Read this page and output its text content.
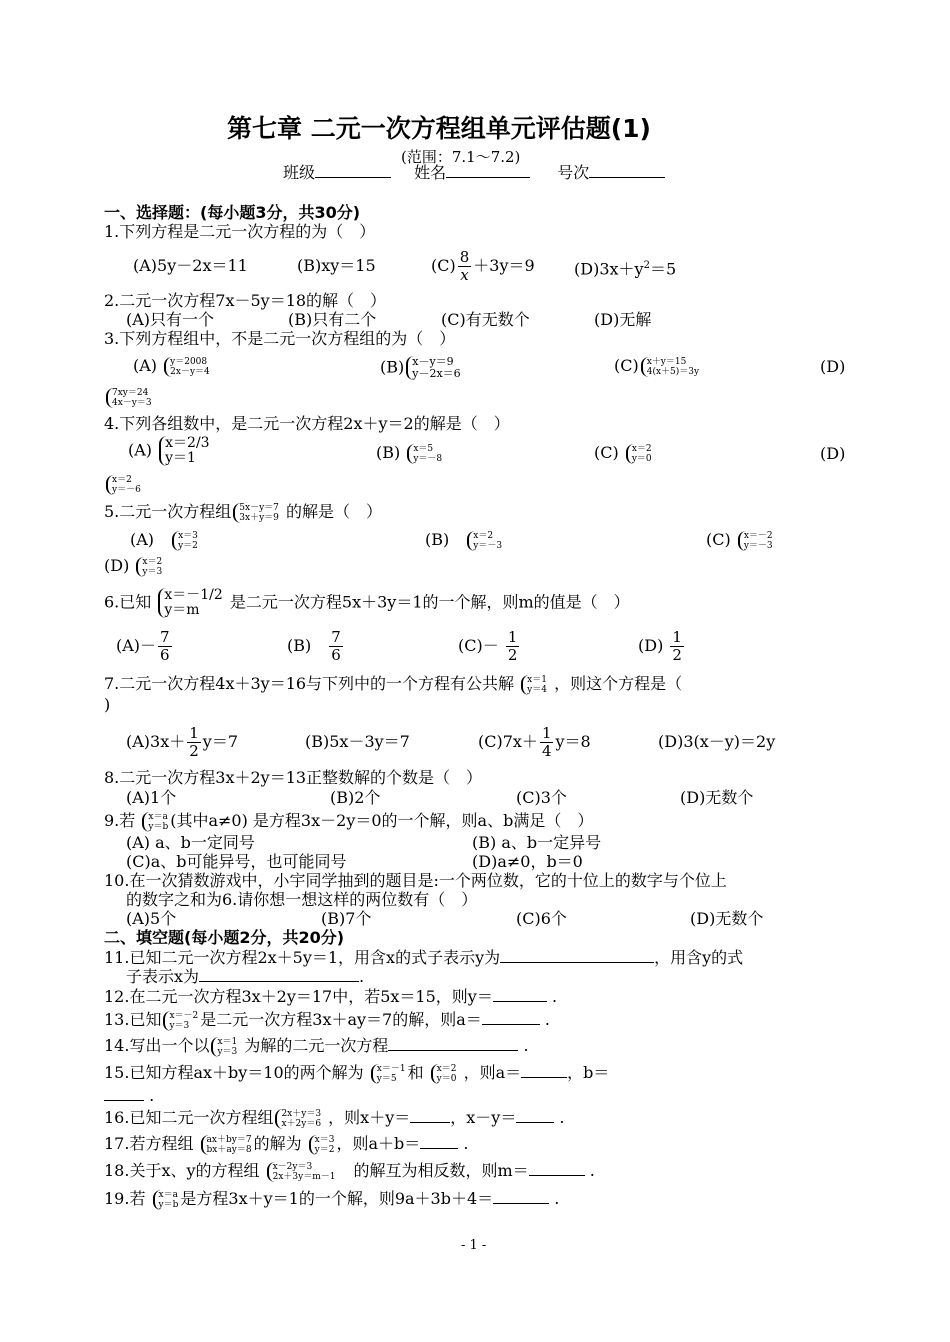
第七章 二元一次方程组单元评估题(1)
(范围：7.1～7.2)
班级	姓名	号次
一、选择题：(每小题3分，共30分)
1.下列方程是二元一次方程的为（　）
(A)5y－2x＝11	(B)xy＝15	$(C) \frac{8}{x} +3y=9$ $(D)3x+y^2=5$
2.二元一次方程7x－5y＝18的解（　）
(A)只有一个	(B)只有二个	(C)有无数个	(D)无解
3.下列方程组中，不是二元一次方程组的为（　）
(A) y＝2008
2x－y＝4	(B) x－y＝9
y－2x＝6	(C) x＋y＝15
4(x＋5)＝3y	(D)
7xy＝24
4x－y＝3
4.下列各组数中，是二元一次方程2x＋y＝2的解是（　）
(A) x＝2/3
y＝1	(B) x＝5
y＝－8	(C) x＝2
y＝0	(D)
x＝2
y＝－6
5.二元一次方程组 5x－y＝7
3x＋y＝9 的解是（　）
(A)　	x＝3
y＝2	(B)　	x＝2
y＝－3	(C) x＝－2
y＝－3
(D) x＝2
y＝3
6.已知 x＝－1/2
y＝m	是二元一次方程5x＋3y＝1的一个解，则m的值是（　）
$(A)- \frac{7}{6}$	(B)　 $\frac{7}{6}$	$(C)- \frac{1}{2}$	$(D) \frac{1}{2}$
7.二元一次方程4x＋3y＝16与下列中的一个方程有公共解 x＝1
y＝4 ，则这个方程是（
)
$(A)3x+ \frac{1}{2} y=7$	(B)5x－3y＝7	$(C)7x+ \frac{1}{4} y=8$	(D)3(x－y)＝2y
8.二元一次方程3x＋2y＝13正整数解的个数是（　）
(A)1个	(B)2个	(C)3个	(D)无数个
9.若 x＝a
y＝b (其中a≠0) 是方程3x－2y＝0的一个解，则a、b满足（　）
(A) a、b一定同号	(B) a、b一定异号
(C)a、b可能异号，也可能同号	(D)a≠0，b＝0
10.在一次猜数游戏中，小宇同学抽到的题目是:一个两位数，它的十位上的数字与个位上
的数字之和为6.请你想一想这样的两位数有（　）
(A)5个	(B)7个	(C)6个	(D)无数个
二、填空题(每小题2分，共20分)
11.已知二元一次方程2x＋5y＝1，用含x的式子表示y为	，用含y的式
子表示x为	.
12.在二元一次方程3x＋2y＝17中，若5x＝15，则y＝	.
13.已知 x＝－2
y＝3 是二元一次方程3x＋ay＝7的解，则a＝	.
14.写出一个以 x＝1
y＝3 为解的二元一次方程	.
15.已知方程ax＋by＝10的两个解为 x＝－1
y＝5 和 x＝2
y＝0 ，则a＝	，b＝
.
16.已知二元一次方程组 2x＋y＝3
x＋2y＝6 ，则x＋y＝	，x－y＝	.
17.若方程组 ax＋by＝7
bx＋ay＝8 的解为 x＝3
y＝2 ，则a＋b＝	.
18.关于x、y的方程组 x－2y＝3
2x＋3y＝m－1
　 的解互为相反数，则m＝	.
19.若 x＝a
y＝b 是方程3x＋y＝1的一个解，则9a＋3b＋4＝	.
- 1 -
